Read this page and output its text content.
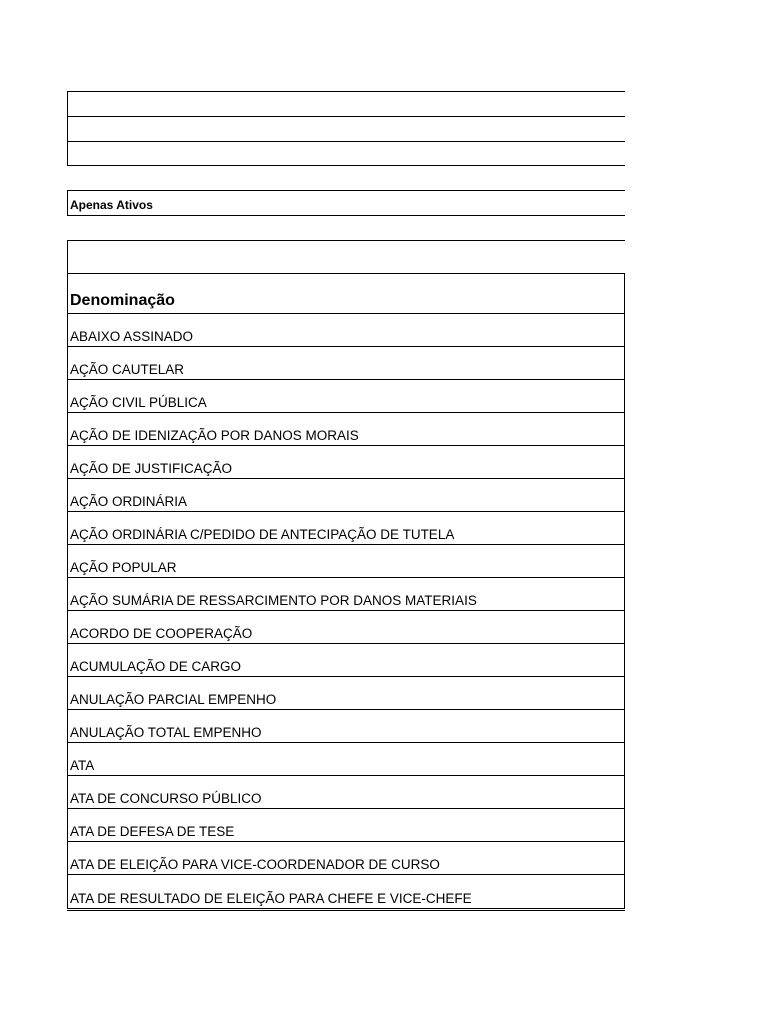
Apenas Ativos
Denominação
ABAIXO ASSINADO
AÇÃO CAUTELAR
AÇÃO CIVIL PÚBLICA
AÇÃO DE IDENIZAÇÃO POR DANOS MORAIS
AÇÃO DE JUSTIFICAÇÃO
AÇÃO ORDINÁRIA
AÇÃO ORDINÁRIA C/PEDIDO DE ANTECIPAÇÃO DE TUTELA
AÇÃO POPULAR
AÇÃO SUMÁRIA DE RESSARCIMENTO POR DANOS MATERIAIS
ACORDO DE COOPERAÇÃO
ACUMULAÇÃO DE CARGO
ANULAÇÃO PARCIAL EMPENHO
ANULAÇÃO TOTAL EMPENHO
ATA
ATA DE CONCURSO PÚBLICO
ATA DE DEFESA DE TESE
ATA DE ELEIÇÃO PARA VICE-COORDENADOR DE CURSO
ATA DE RESULTADO DE ELEIÇÃO PARA CHEFE E VICE-CHEFE
